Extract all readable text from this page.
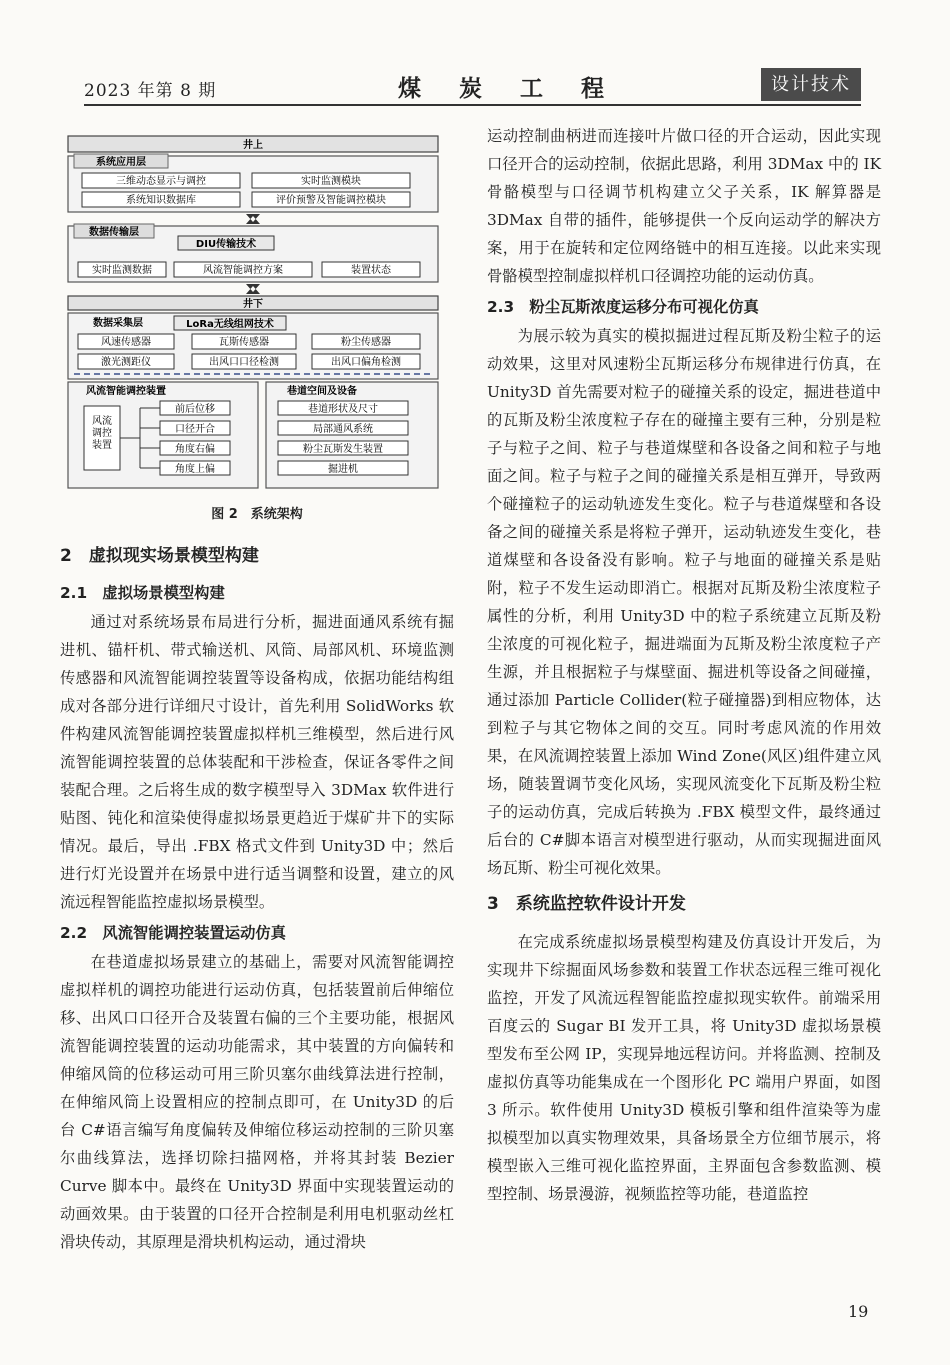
2023 年第 8 期	煤 炭 工 程	设计技术
井上
系统应用层
三维动态显示与调控	实时监测模块
系统知识数据库	评价预警及智能调控模块
数据传输层
DIU传输技术
实时监测数据	风流智能调控方案	装置状态
井下
数据采集层	LoRa无线组网技术
风速传感器	瓦斯传感器	粉尘传感器
激光测距仪	出风口口径检测	出风口偏角检测
风流智能调控装置
风流
调控
装置
前后位移
口径开合
角度右偏
角度上偏
巷道空间及设备
巷道形状及尺寸
局部通风系统
粉尘瓦斯发生装置
掘进机
图 2　系统架构
2　虚拟现实场景模型构建
2.1　虚拟场景模型构建

通过对系统场景布局进行分析，掘进面通风系统有掘进机、锚杆机、带式输送机、风筒、局部风机、环境监测传感器和风流智能调控装置等设备构成，依据功能结构组成对各部分进行详细尺寸设计，首先利用 SolidWorks 软件构建风流智能调控装置虚拟样机三维模型，然后进行风流智能调控装置的总体装配和干涉检查，保证各零件之间装配合理。之后将生成的数字模型导入 3DMax 软件进行贴图、钝化和渲染使得虚拟场景更趋近于煤矿井下的实际情况。最后，导出 .FBX 格式文件到 Unity3D 中；然后进行灯光设置并在场景中进行适当调整和设置，建立的风流远程智能监控虚拟场景模型。

2.2　风流智能调控装置运动仿真

在巷道虚拟场景建立的基础上，需要对风流智能调控虚拟样机的调控功能进行运动仿真，包括装置前后伸缩位移、出风口口径开合及装置右偏的三个主要功能，根据风流智能调控装置的运动功能需求，其中装置的方向偏转和伸缩风筒的位移运动可用三阶贝塞尔曲线算法进行控制，在伸缩风筒上设置相应的控制点即可，在 Unity3D 的后台 C#语言编写角度偏转及伸缩位移运动控制的三阶贝塞尔曲线算法，选择切除扫描网格，并将其封装 Bezier Curve 脚本中。最终在 Unity3D 界面中实现装置运动的动画效果。由于装置的口径开合控制是利用电机驱动丝杠滑块传动，其原理是滑块机构运动，通过滑块

运动控制曲柄进而连接叶片做口径的开合运动，因此实现口径开合的运动控制，依据此思路，利用 3DMax 中的 IK 骨骼模型与口径调节机构建立父子关系，IK 解算器是 3DMax 自带的插件，能够提供一个反向运动学的解决方案，用于在旋转和定位网络链中的相互连接。以此来实现骨骼模型控制虚拟样机口径调控功能的运动仿真。

2.3　粉尘瓦斯浓度运移分布可视化仿真

为展示较为真实的模拟掘进过程瓦斯及粉尘粒子的运动效果，这里对风速粉尘瓦斯运移分布规律进行仿真，在 Unity3D 首先需要对粒子的碰撞关系的设定，掘进巷道中的瓦斯及粉尘浓度粒子存在的碰撞主要有三种，分别是粒子与粒子之间、粒子与巷道煤壁和各设备之间和粒子与地面之间。粒子与粒子之间的碰撞关系是相互弹开，导致两个碰撞粒子的运动轨迹发生变化。粒子与巷道煤壁和各设备之间的碰撞关系是将粒子弹开，运动轨迹发生变化，巷道煤壁和各设备没有影响。粒子与地面的碰撞关系是贴附，粒子不发生运动即消亡。根据对瓦斯及粉尘浓度粒子属性的分析，利用 Unity3D 中的粒子系统建立瓦斯及粉尘浓度的可视化粒子，掘进端面为瓦斯及粉尘浓度粒子产生源，并且根据粒子与煤壁面、掘进机等设备之间碰撞，通过添加 Particle Collider(粒子碰撞器)到相应物体，达到粒子与其它物体之间的交互。同时考虑风流的作用效果，在风流调控装置上添加 Wind Zone(风区)组件建立风场，随装置调节变化风场，实现风流变化下瓦斯及粉尘粒子的运动仿真，完成后转换为 .FBX 模型文件，最终通过后台的 C#脚本语言对模型进行驱动，从而实现掘进面风场瓦斯、粉尘可视化效果。

3　系统监控软件设计开发

在完成系统虚拟场景模型构建及仿真设计开发后，为实现井下综掘面风场参数和装置工作状态远程三维可视化监控，开发了风流远程智能监控虚拟现实软件。前端采用百度云的 Sugar BI 发开工具，将 Unity3D 虚拟场景模型发布至公网 IP，实现异地远程访问。并将监测、控制及虚拟仿真等功能集成在一个图形化 PC 端用户界面，如图 3 所示。软件使用 Unity3D 模板引擎和组件渲染等为虚拟模型加以真实物理效果，具备场景全方位细节展示，将模型嵌入三维可视化监控界面，主界面包含参数监测、模型控制、场景漫游，视频监控等功能，巷道监控

19
